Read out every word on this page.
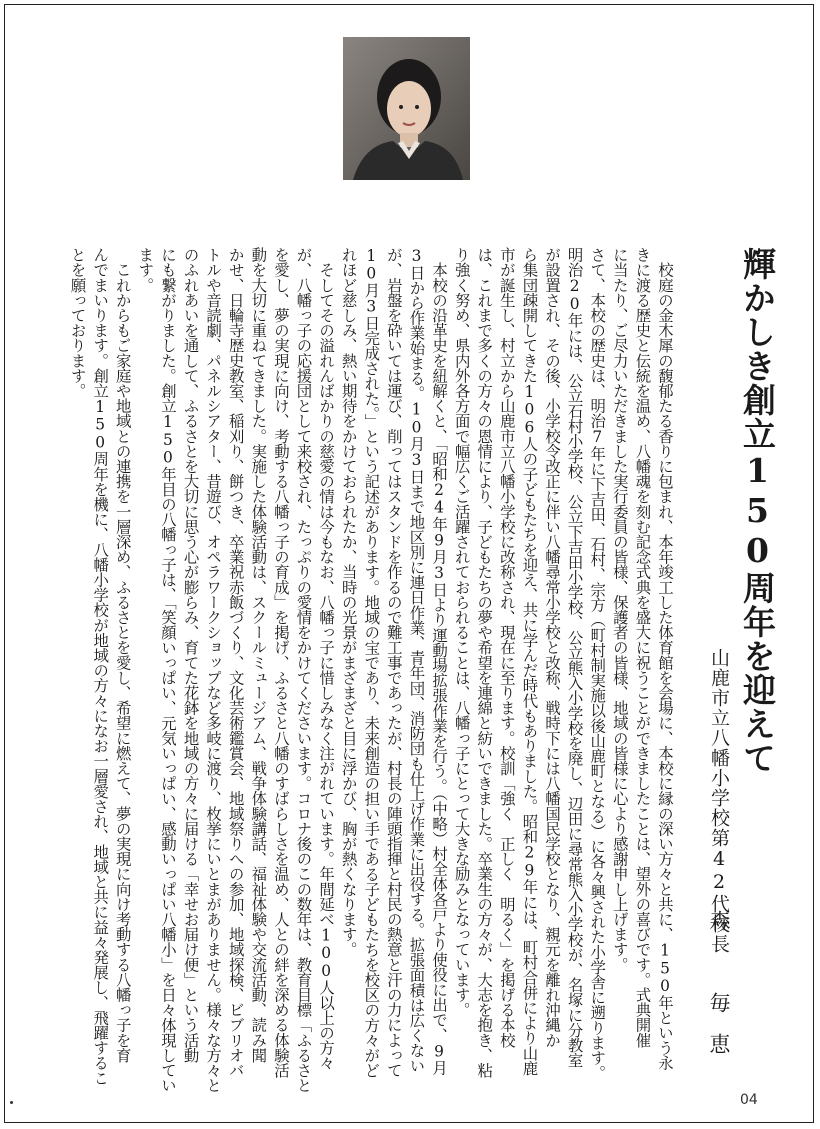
輝かしき創立150周年を迎えて
山鹿市立八幡小学校第42代校長
森　毎恵
　校庭の金木犀の馥郁たる香りに包まれ、本年竣工した体育館を会場に、本校に縁の深い方々と共に、150年という永
きに渡る歴史と伝統を温め、八幡魂を刻む記念式典を盛大に祝うことができましたことは、望外の喜びです。式典開催
に当たり、ご尽力いただきました実行委員の皆様、保護者の皆様、地域の皆様に心より感謝申し上げます。
さて、本校の歴史は、明治7年に下吉田、石村、宗方（町村制実施以後山鹿町となる）に各々興された小学舎に遡ります。
明治20年には、公立石村小学校、公立下吉田小学校、公立熊入小学校を廃し、辺田に尋常熊入小学校が、名塚に分教室
が設置され、その後、小学校令改正に伴い八幡尋常小学校と改称、戦時下には八幡国民学校となり、親元を離れ沖縄か
ら集団疎開してきた106人の子どもたちを迎え、共に学んだ時代もありました。昭和29年には、町村合併により山鹿
市が誕生し、村立から山鹿市立八幡小学校に改称され、現在に至ります。校訓「強く　正しく　明るく」を掲げる本校
は、これまで多くの方々の恩情により、子どもたちの夢や希望を連綿と紡いできました。卒業生の方々が、大志を抱き、粘
り強く努め、県内外各方面で幅広くご活躍されておられることは、八幡っ子にとって大きな励みとなっています。
　本校の沿革史を紐解くと、「昭和24年9月3日より運動場拡張作業を行う。（中略）村全体各戸より使役に出で、9月
3日から作業始まる。10月3日まで地区別に連日作業、青年団、消防団も仕上げ作業に出役する。拡張面積は広くない
が、岩盤を砕いては運び、削ってはスタンドを作るので難工事であったが、村長の陣頭指揮と村民の熱意と汗の力によって
10月3日完成された。」という記述があります。地域の宝であり、未来創造の担い手である子どもたちを校区の方々がど
れほど慈しみ、熱い期待をかけておられたか、当時の光景がまざまざと目に浮かび、胸が熱くなります。
　そしてその溢れんばかりの慈愛の情は今もなお、八幡っ子に惜しみなく注がれています。年間延べ100人以上の方々
が、八幡っ子の応援団として来校され、たっぷりの愛情をかけてくださいます。コロナ後のこの数年は、教育目標「ふるさと
を愛し、夢の実現に向け、考動する八幡っ子の育成」を掲げ、ふるさと八幡のすばらしさを温め、人との絆を深める体験活
動を大切に重ねてきました。実施した体験活動は、スクールミュージアム、戦争体験講話、福祉体験や交流活動、読み聞
かせ、日輪寺歴史教室、稲刈り、餅つき、卒業祝赤飯づくり、文化芸術鑑賞会、地域祭りへの参加、地域探検、ビブリオバ
トルや音読劇、パネルシアター、昔遊び、オペラワークショップなど多岐に渡り、枚挙にいとまがありません。様々な方々と
のふれあいを通して、ふるさとを大切に思う心が膨らみ、育てた花鉢を地域の方々に届ける「幸せお届け便」という活動
にも繋がりました。創立150年目の八幡っ子は、「笑顔いっぱい、元気いっぱい、感動いっぱい八幡小」を日々体現してい
ます。
　これからもご家庭や地域との連携を一層深め、ふるさとを愛し、希望に燃えて、夢の実現に向け考動する八幡っ子を育
んでまいります。創立150周年を機に、八幡小学校が地域の方々になお一層愛され、地域と共に益々発展し、飛躍するこ
とを願っております。
04
